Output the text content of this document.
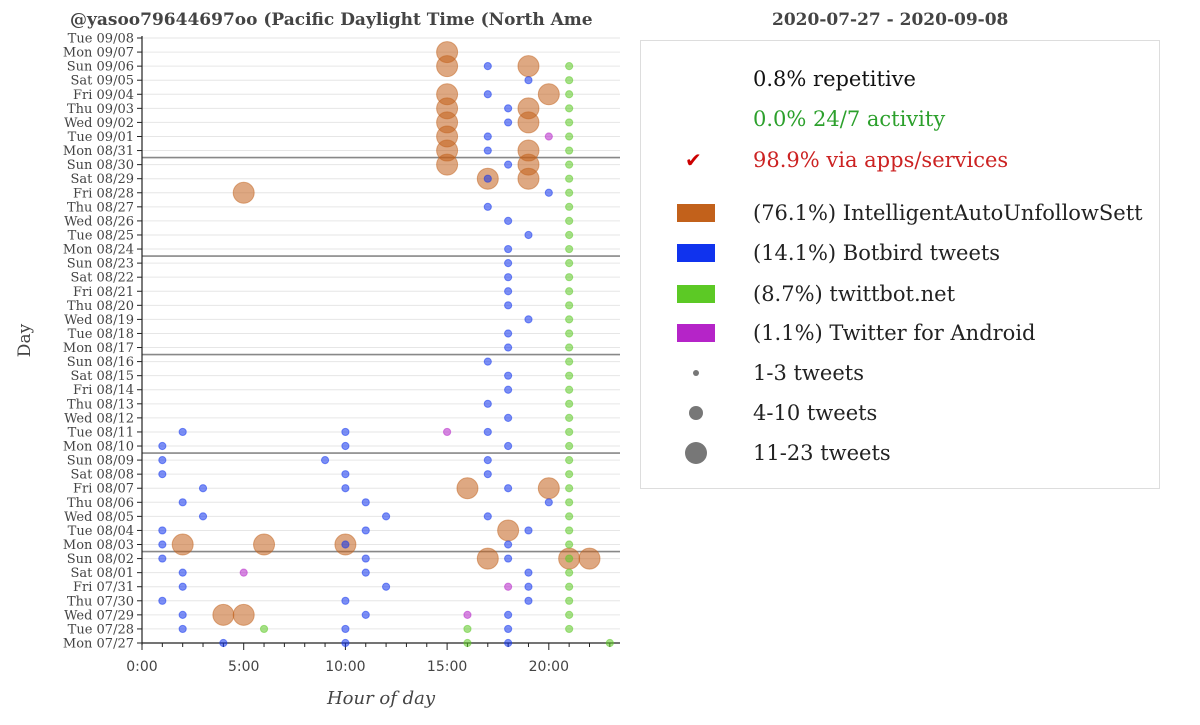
@yasoo79644697oo (Pacific Daylight Time (North Ame	2020-07-27 - 2020-09-08
Tue 09/08
Mon 09/07
Sun 09/06
Sat 09/05
Fri 09/04
Thu 09/03
Wed 09/02
Tue 09/01
Mon 08/31
Sun 08/30
Sat 08/29
Fri 08/28
Thu 08/27
Wed 08/26
Tue 08/25
Mon 08/24
Sun 08/23
Sat 08/22
Fri 08/21
Thu 08/20
Wed 08/19
Tue 08/18
Mon 08/17
Sun 08/16
Sat 08/15
Fri 08/14
Thu 08/13
Wed 08/12
Tue 08/11
Mon 08/10
Sun 08/09
Sat 08/08
Fri 08/07
Thu 08/06
Wed 08/05
Tue 08/04
Mon 08/03
Sun 08/02
Sat 08/01
Fri 07/31
Thu 07/30
Wed 07/29
Tue 07/28
Mon 07/27
0:00	5:00	10:00	15:00	20:00
Hour of day
Day
0.8% repetitive
0.0% 24/7 activity
✔ 98.9% via apps/services
(76.1%) IntelligentAutoUnfollowSett
(14.1%) Botbird tweets
(8.7%) twittbot.net
(1.1%) Twitter for Android
1-3 tweets
4-10 tweets
11-23 tweets
